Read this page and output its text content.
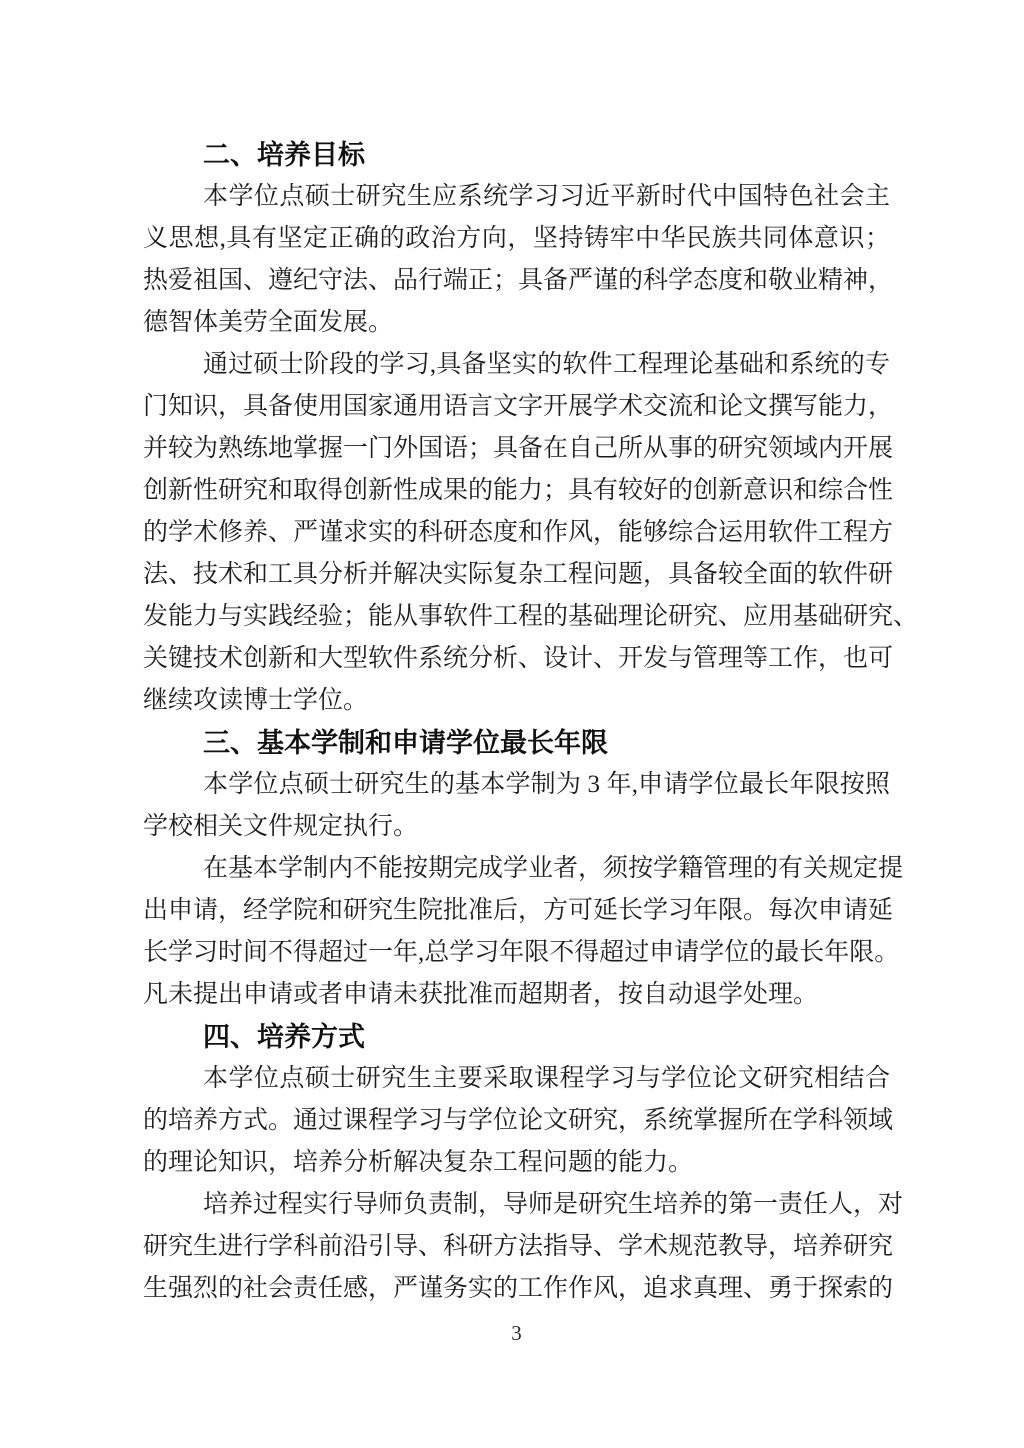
二、培养目标
本学位点硕士研究生应系统学习习近平新时代中国特色社会主
义思想,具有坚定正确的政治方向，坚持铸牢中华民族共同体意识；
热爱祖国、遵纪守法、品行端正；具备严谨的科学态度和敬业精神，
德智体美劳全面发展。
通过硕士阶段的学习,具备坚实的软件工程理论基础和系统的专
门知识，具备使用国家通用语言文字开展学术交流和论文撰写能力，
并较为熟练地掌握一门外国语；具备在自己所从事的研究领域内开展
创新性研究和取得创新性成果的能力；具有较好的创新意识和综合性
的学术修养、严谨求实的科研态度和作风，能够综合运用软件工程方
法、技术和工具分析并解决实际复杂工程问题，具备较全面的软件研
发能力与实践经验；能从事软件工程的基础理论研究、应用基础研究、
关键技术创新和大型软件系统分析、设计、开发与管理等工作，也可
继续攻读博士学位。
三、基本学制和申请学位最长年限
本学位点硕士研究生的基本学制为 3 年,申请学位最长年限按照
学校相关文件规定执行。
在基本学制内不能按期完成学业者，须按学籍管理的有关规定提
出申请，经学院和研究生院批准后，方可延长学习年限。每次申请延
长学习时间不得超过一年,总学习年限不得超过申请学位的最长年限。
凡未提出申请或者申请未获批准而超期者，按自动退学处理。
四、培养方式
本学位点硕士研究生主要采取课程学习与学位论文研究相结合
的培养方式。通过课程学习与学位论文研究，系统掌握所在学科领域
的理论知识，培养分析解决复杂工程问题的能力。
培养过程实行导师负责制，导师是研究生培养的第一责任人，对
研究生进行学科前沿引导、科研方法指导、学术规范教导，培养研究
生强烈的社会责任感，严谨务实的工作作风，追求真理、勇于探索的
3
